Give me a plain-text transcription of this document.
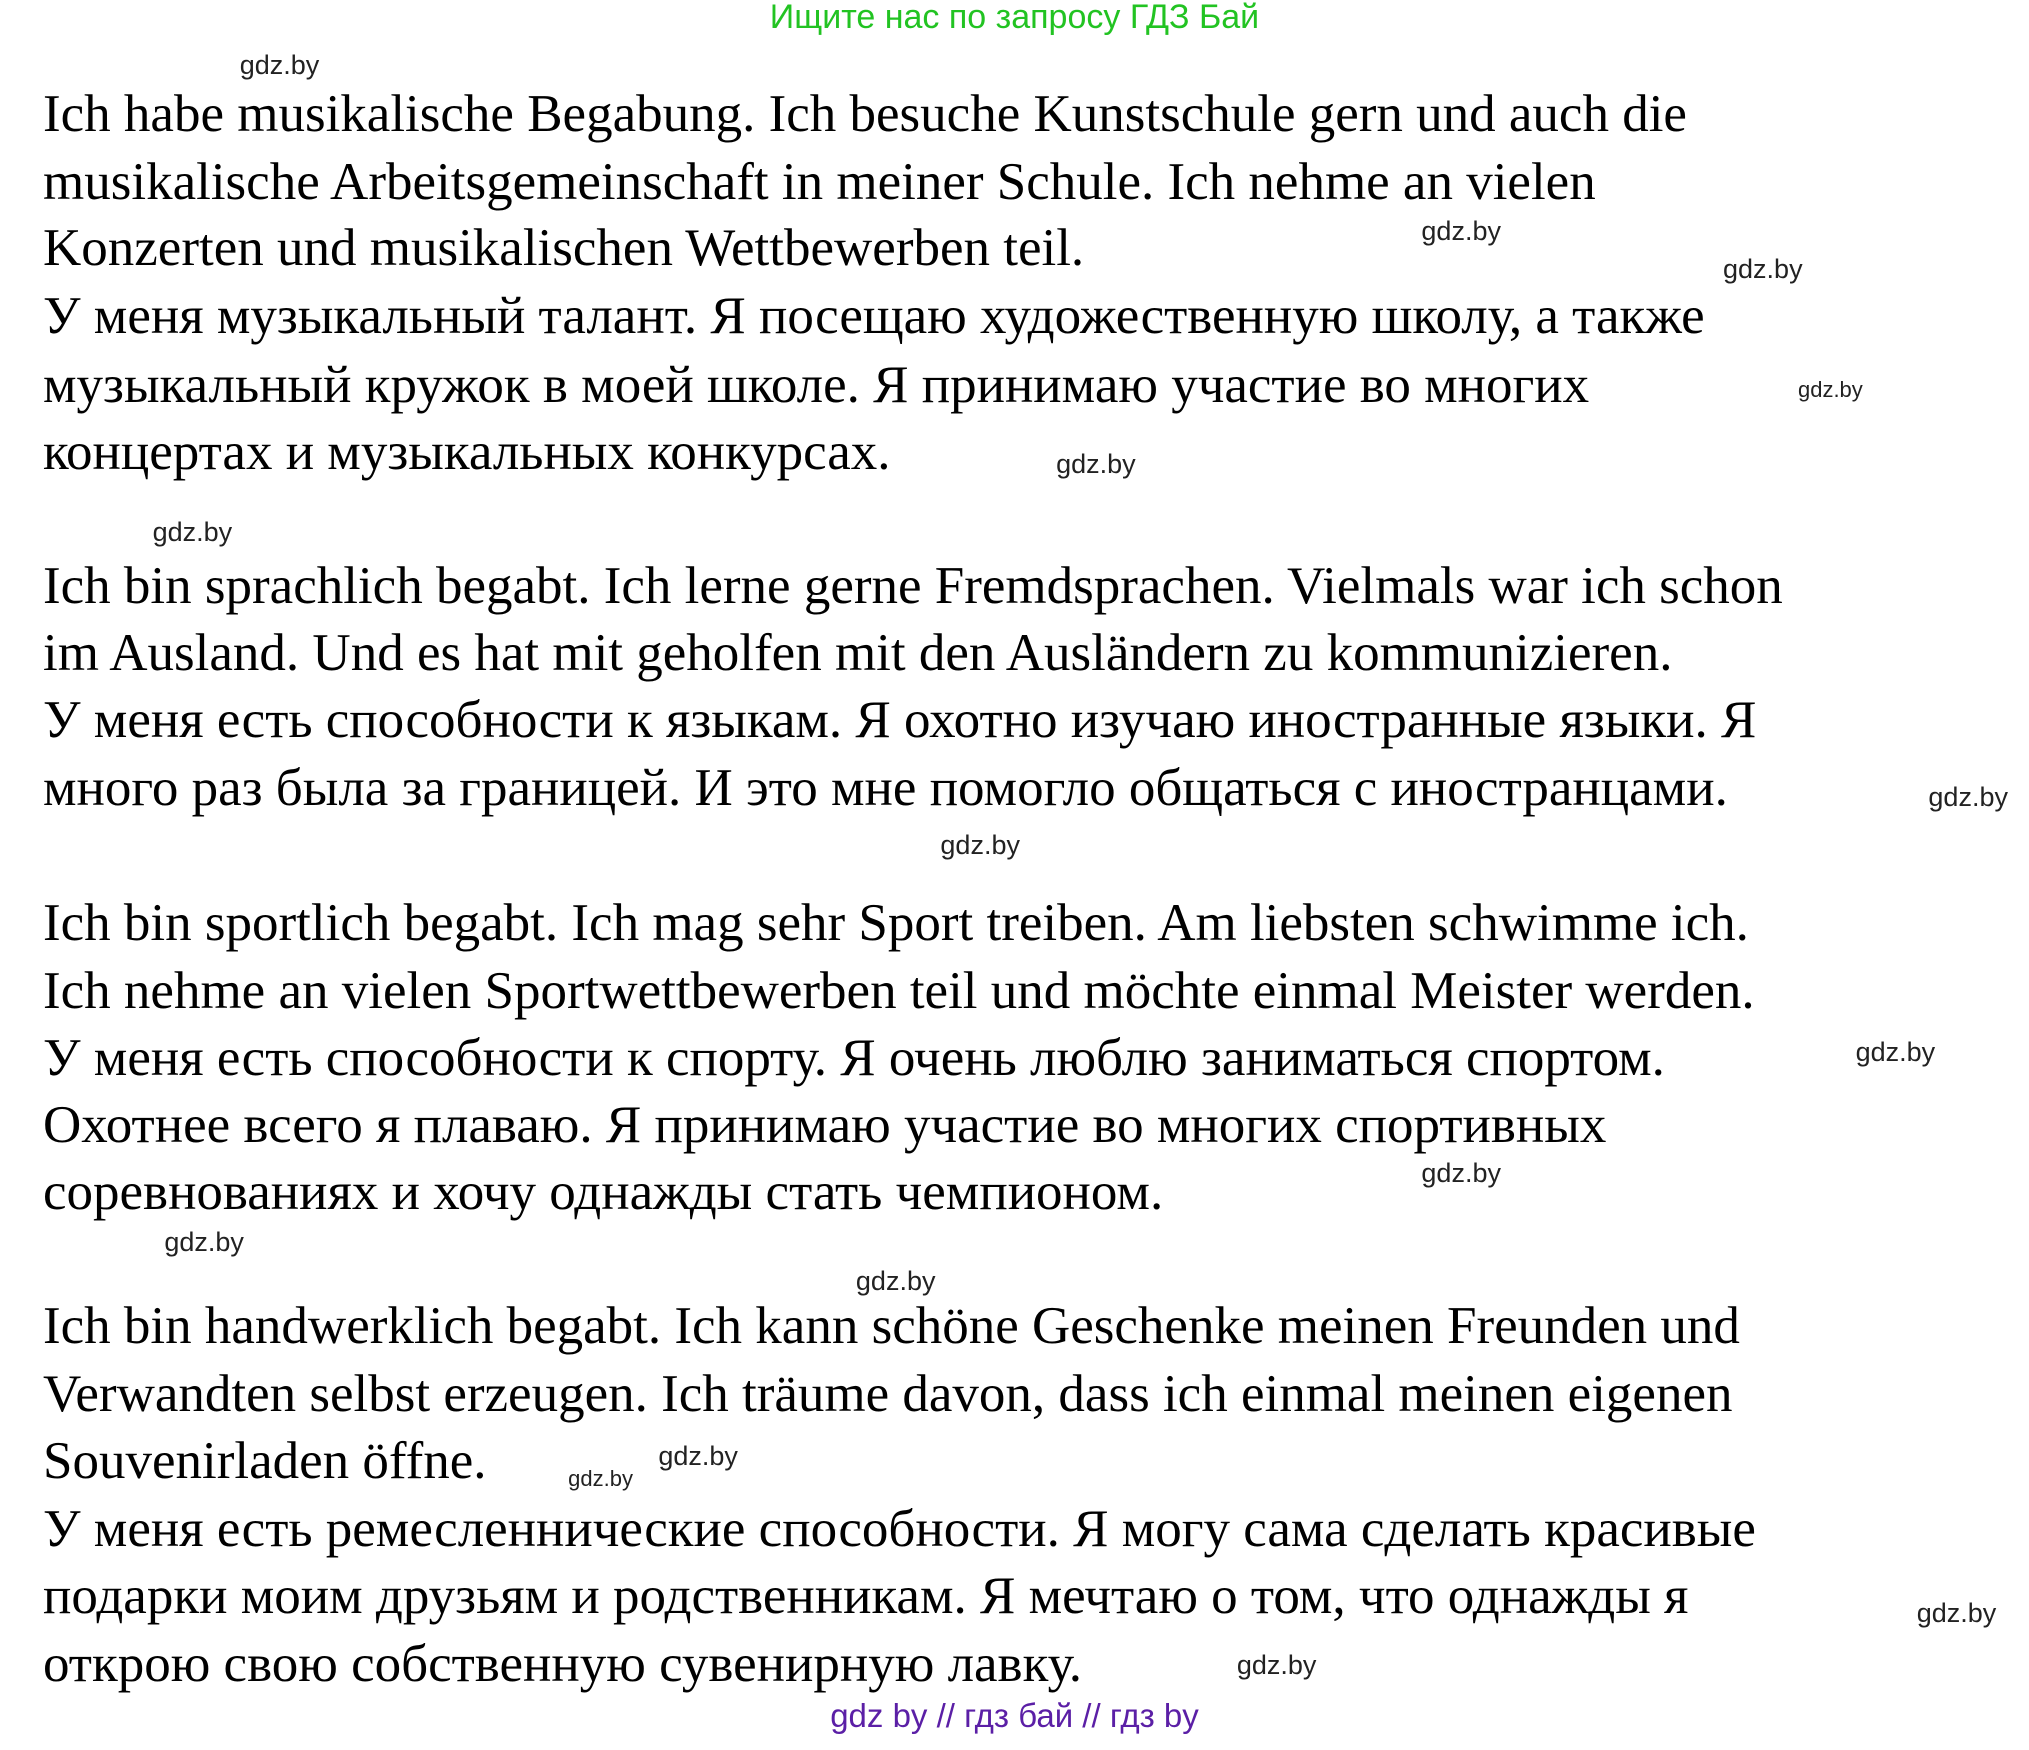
Ищите нас по запросу ГДЗ Бай
Ich habe musikalische Begabung. Ich besuche Kunstschule gern und auch die
musikalische Arbeitsgemeinschaft in meiner Schule. Ich nehme an vielen
Konzerten und musikalischen Wettbewerben teil.
У меня музыкальный талант. Я посещаю художественную школу, а также
музыкальный кружок в моей школе. Я принимаю участие во многих
концертах и музыкальных конкурсах.
Ich bin sprachlich begabt. Ich lerne gerne Fremdsprachen. Vielmals war ich schon
im Ausland. Und es hat mit geholfen mit den Ausländern zu kommunizieren.
У меня есть способности к языкам. Я охотно изучаю иностранные языки. Я
много раз была за границей. И это мне помогло общаться с иностранцами.
Ich bin sportlich begabt. Ich mag sehr Sport treiben. Am liebsten schwimme ich.
Ich nehme an vielen Sportwettbewerben teil und möchte einmal Meister werden.
У меня есть способности к спорту. Я очень люблю заниматься спортом.
Охотнее всего я плаваю. Я принимаю участие во многих спортивных
соревнованиях и хочу однажды стать чемпионом.
Ich bin handwerklich begabt. Ich kann schöne Geschenke meinen Freunden und
Verwandten selbst erzeugen. Ich träume davon, dass ich einmal meinen eigenen
Souvenirladen öffne.
У меня есть ремесленнические способности. Я могу сама сделать красивые
подарки моим друзьям и родственникам. Я мечтаю о том, что однажды я
открою свою собственную сувенирную лавку.
gdz.by
gdz.by
gdz.by
gdz.by
gdz.by
gdz.by
gdz.by
gdz.by
gdz.by
gdz.by
gdz.by
gdz.by
gdz.by
gdz.by
gdz.by
gdz.by
gdz by // гдз бай // гдз by
